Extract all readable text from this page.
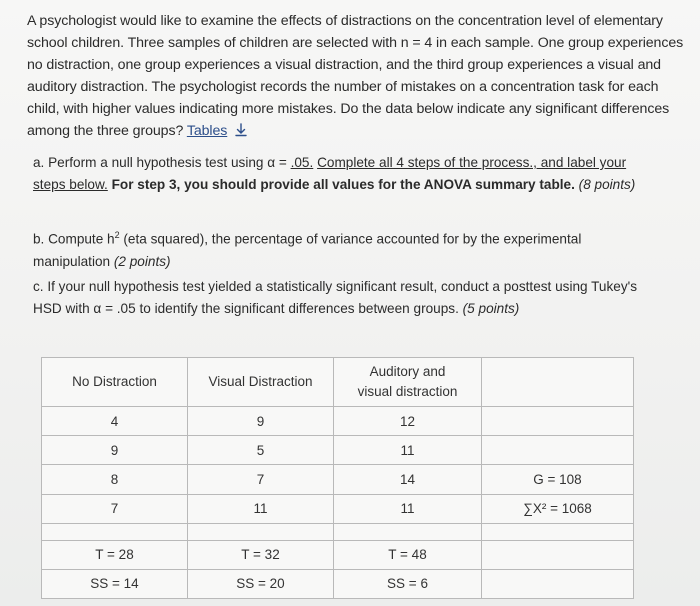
A psychologist would like to examine the effects of distractions on the concentration level of elementary school children. Three samples of children are selected with n = 4 in each sample. One group experiences no distraction, one group experiences a visual distraction, and the third group experiences a visual and auditory distraction. The psychologist records the number of mistakes on a concentration task for each child, with higher values indicating more mistakes. Do the data below indicate any significant differences among the three groups? Tables
a. Perform a null hypothesis test using α = .05. Complete all 4 steps of the process., and label your steps below. For step 3, you should provide all values for the ANOVA summary table. (8 points)
b. Compute $h^2$ (eta squared), the percentage of variance accounted for by the experimental manipulation (2 points)
c. If your null hypothesis test yielded a statistically significant result, conduct a posttest using Tukey's HSD with α = .05 to identify the significant differences between groups. (5 points)
No Distraction	Visual Distraction	Auditory and visual distraction	
4	9	12	
9	5	11	
8	7	14	G = 108
7	11	11	∑X² = 1068

T = 28	T = 32	T = 48	
SS = 14	SS = 20	SS = 6	
